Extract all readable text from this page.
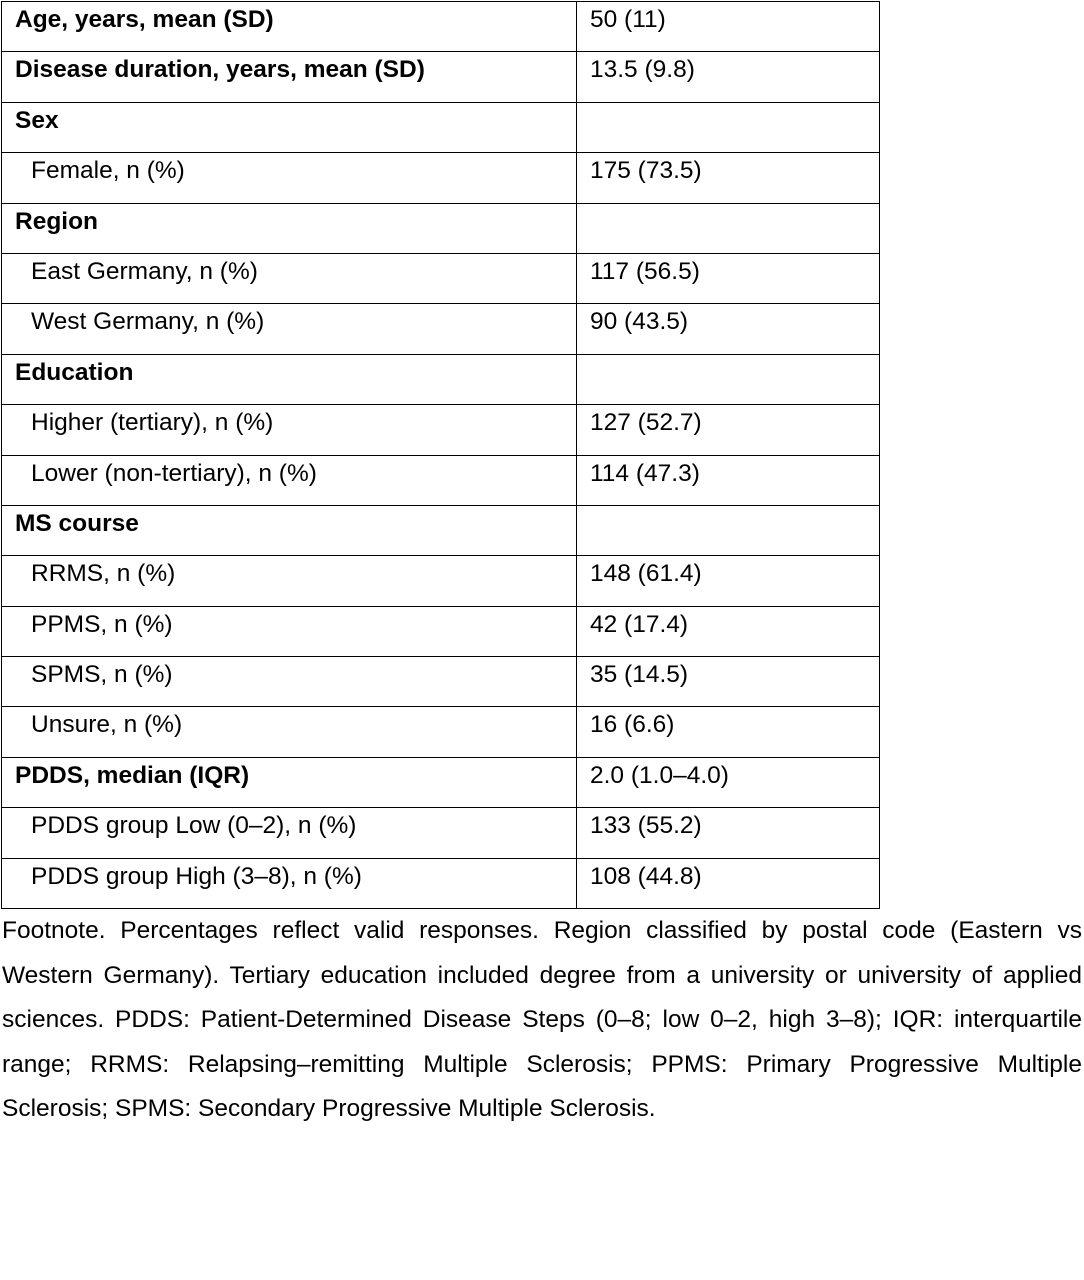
Age, years, mean (SD)	50 (11)
Disease duration, years, mean (SD)	13.5 (9.8)
Sex	
Female, n (%)	175 (73.5)
Region	
East Germany, n (%)	117 (56.5)
West Germany, n (%)	90 (43.5)
Education	
Higher (tertiary), n (%)	127 (52.7)
Lower (non-tertiary), n (%)	114 (47.3)
MS course	
RRMS, n (%)	148 (61.4)
PPMS, n (%)	42 (17.4)
SPMS, n (%)	35 (14.5)
Unsure, n (%)	16 (6.6)
PDDS, median (IQR)	2.0 (1.0–4.0)
PDDS group Low (0–2), n (%)	133 (55.2)
PDDS group High (3–8), n (%)	108 (44.8)

Footnote. Percentages reflect valid responses. Region classified by postal code (Eastern vs Western Germany). Tertiary education included degree from a university or university of applied sciences. PDDS: Patient-Determined Disease Steps (0–8; low 0–2, high 3–8); IQR: interquartile range; RRMS: Relapsing–remitting Multiple Sclerosis; PPMS: Primary Progressive Multiple Sclerosis; SPMS: Secondary Progressive Multiple Sclerosis.
